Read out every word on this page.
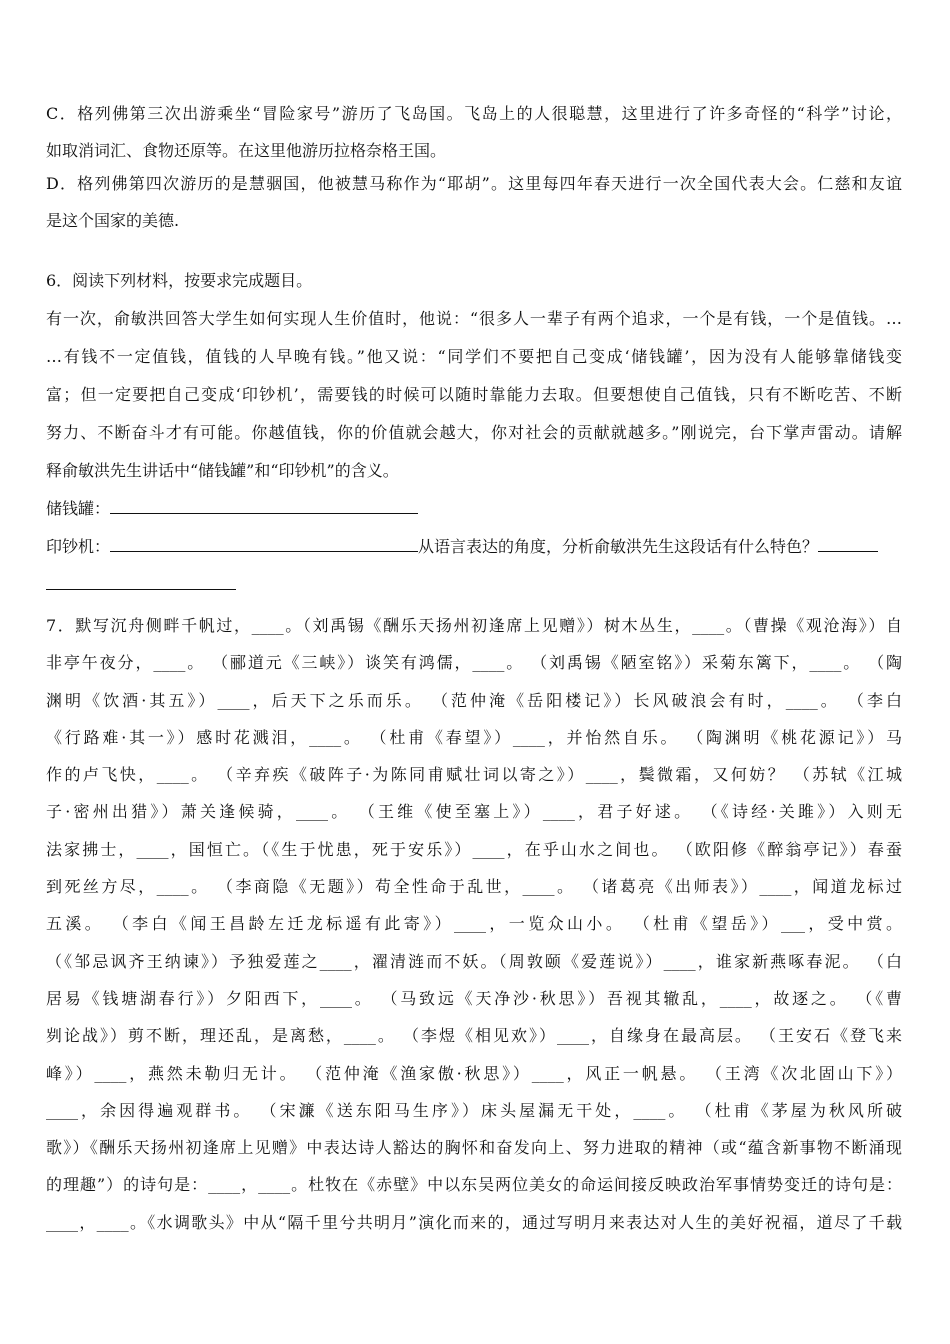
C．格列佛第三次出游乘坐“冒险家号”游历了飞岛国。飞岛上的人很聪慧，这里进行了许多奇怪的“科学”讨论，
如取消词汇、食物还原等。在这里他游历拉格奈格王国。
D．格列佛第四次游历的是慧骃国，他被慧马称作为“耶胡”。这里每四年春天进行一次全国代表大会。仁慈和友谊
是这个国家的美德.
6．阅读下列材料，按要求完成题目。
有一次，俞敏洪回答大学生如何实现人生价值时，他说：“很多人一辈子有两个追求，一个是有钱，一个是值钱。…
…有钱不一定值钱，值钱的人早晚有钱。”他又说：“同学们不要把自己变成‘储钱罐’，因为没有人能够靠储钱变
富；但一定要把自己变成‘印钞机’，需要钱的时候可以随时靠能力去取。但要想使自己值钱，只有不断吃苦、不断
努力、不断奋斗才有可能。你越值钱，你的价值就会越大，你对社会的贡献就越多。”刚说完，台下掌声雷动。请解
释俞敏洪先生讲话中“储钱罐”和“印钞机”的含义。
储钱罐：
印钞机：	从语言表达的角度，分析俞敏洪先生这段话有什么特色？
7．默写沉舟侧畔千帆过，____。（刘禹锡《酬乐天扬州初逢席上见赠》）树木丛生，____。（曹操《观沧海》）自
非亭午夜分，____。 （郦道元《三峡》）谈笑有鸿儒，____。 （刘禹锡《陋室铭》）采菊东篱下，____。 （陶
渊明《饮酒·其五》）____，后天下之乐而乐。 （范仲淹《岳阳楼记》）长风破浪会有时，____。 （李白
《行路难·其一》）感时花溅泪，____。 （杜甫《春望》）____，并怡然自乐。 （陶渊明《桃花源记》）马
作的卢飞快，____。 （辛弃疾《破阵子·为陈同甫赋壮词以寄之》）____，鬓微霜，又何妨？ （苏轼《江城
子·密州出猎》）萧关逢候骑，____。 （王维《使至塞上》）____，君子好逑。 （《诗经·关雎》）入则无
法家拂士，____，国恒亡。（《生于忧患，死于安乐》）____，在乎山水之间也。 （欧阳修《醉翁亭记》）春蚕
到死丝方尽，____。 （李商隐《无题》）苟全性命于乱世，____。 （诸葛亮《出师表》）____，闻道龙标过
五溪。 （李白《闻王昌龄左迁龙标遥有此寄》）____，一览众山小。 （杜甫《望岳》）___，受中赏。
（《邹忌讽齐王纳谏》）予独爱莲之____，濯清涟而不妖。（周敦颐《爱莲说》）____，谁家新燕啄春泥。 （白
居易《钱塘湖春行》）夕阳西下，____。 （马致远《天净沙·秋思》）吾视其辙乱，____，故逐之。 （《曹
刿论战》）剪不断，理还乱，是离愁，____。 （李煜《相见欢》）____，自缘身在最高层。 （王安石《登飞来
峰》）____，燕然未勒归无计。 （范仲淹《渔家傲·秋思》）____，风正一帆悬。 （王湾《次北固山下》）
____，余因得遍观群书。 （宋濂《送东阳马生序》）床头屋漏无干处，____。 （杜甫《茅屋为秋风所破
歌》）《酬乐天扬州初逢席上见赠》中表达诗人豁达的胸怀和奋发向上、努力进取的精神（或“蕴含新事物不断涌现
的理趣”）的诗句是：____，____。杜牧在《赤壁》中以东吴两位美女的命运间接反映政治军事情势变迁的诗句是：
____，____。《水调歌头》中从“隔千里兮共明月”演化而来的，通过写明月来表达对人生的美好祝福，道尽了千载
